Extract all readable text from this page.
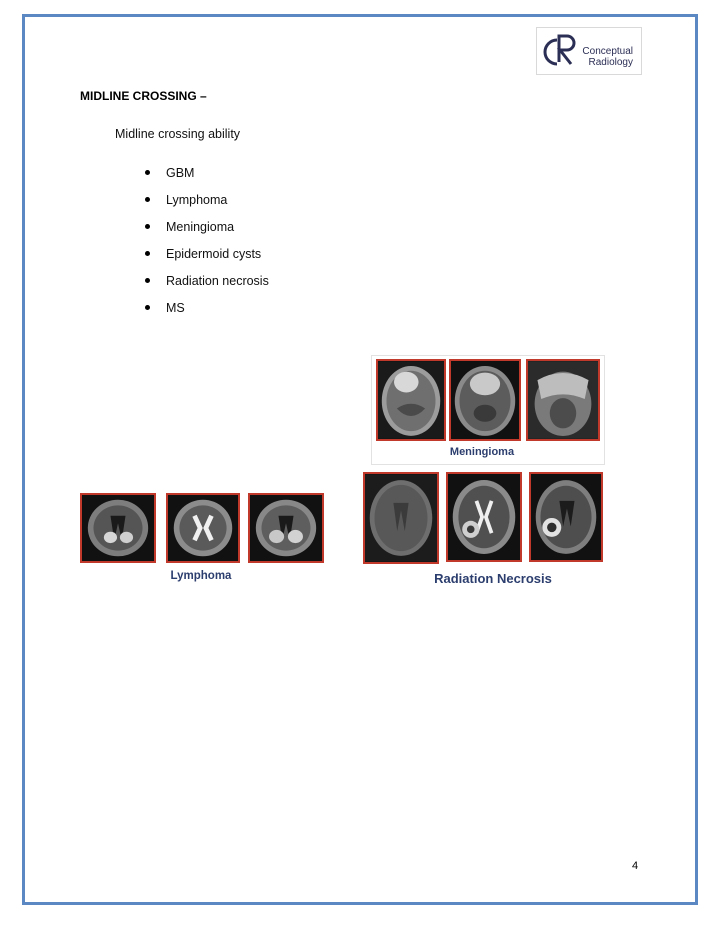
Conceptual
Radiology
MIDLINE CROSSING –
Midline crossing ability
GBM
Lymphoma
Meningioma
Epidermoid cysts
Radiation necrosis
MS
Meningioma
Lymphoma	Radiation Necrosis
4
